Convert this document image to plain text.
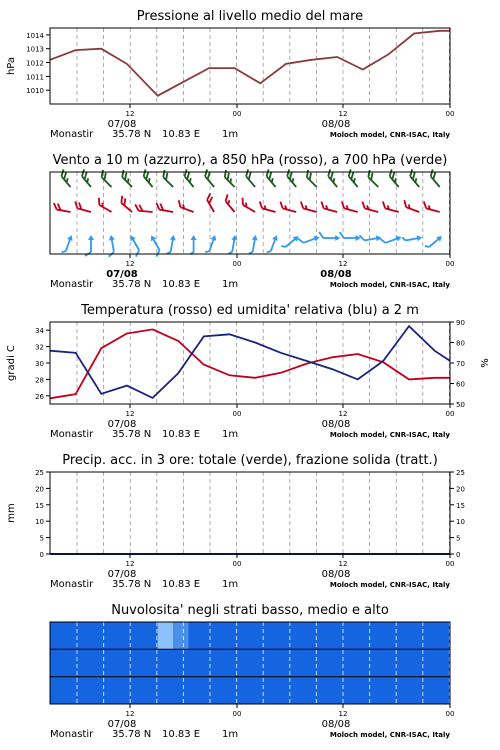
Pressione al livello medio del mare
1010
1011
1012
1013
1014
hPa
12	00	12	00
07/08	08/08
Monastir 35.78 N 10.83 E 1m	Moloch model, CNR-ISAC, Italy
Vento a 10 m (azzurro), a 850 hPa (rosso), a 700 hPa (verde)
12	00	12	00
07/08	08/08
Monastir 35.78 N 10.83 E 1m	Moloch model, CNR-ISAC, Italy
Temperatura (rosso) ed umidita' relativa (blu) a 2 m
26
28
30
32
34
gradi C
50
60
70
80
90
%
12	00	12	00
07/08	08/08
Monastir 35.78 N 10.83 E 1m	Moloch model, CNR-ISAC, Italy
Precip. acc. in 3 ore: totale (verde), frazione solida (tratt.)
0
5
10
15
20
25
mm
0
5
10
15
20
25
12	00	12	00
07/08	08/08
Monastir 35.78 N 10.83 E 1m	Moloch model, CNR-ISAC, Italy
Nuvolosita' negli strati basso, medio e alto
12	00	12	00
07/08	08/08
Monastir 35.78 N 10.83 E 1m	Moloch model, CNR-ISAC, Italy
